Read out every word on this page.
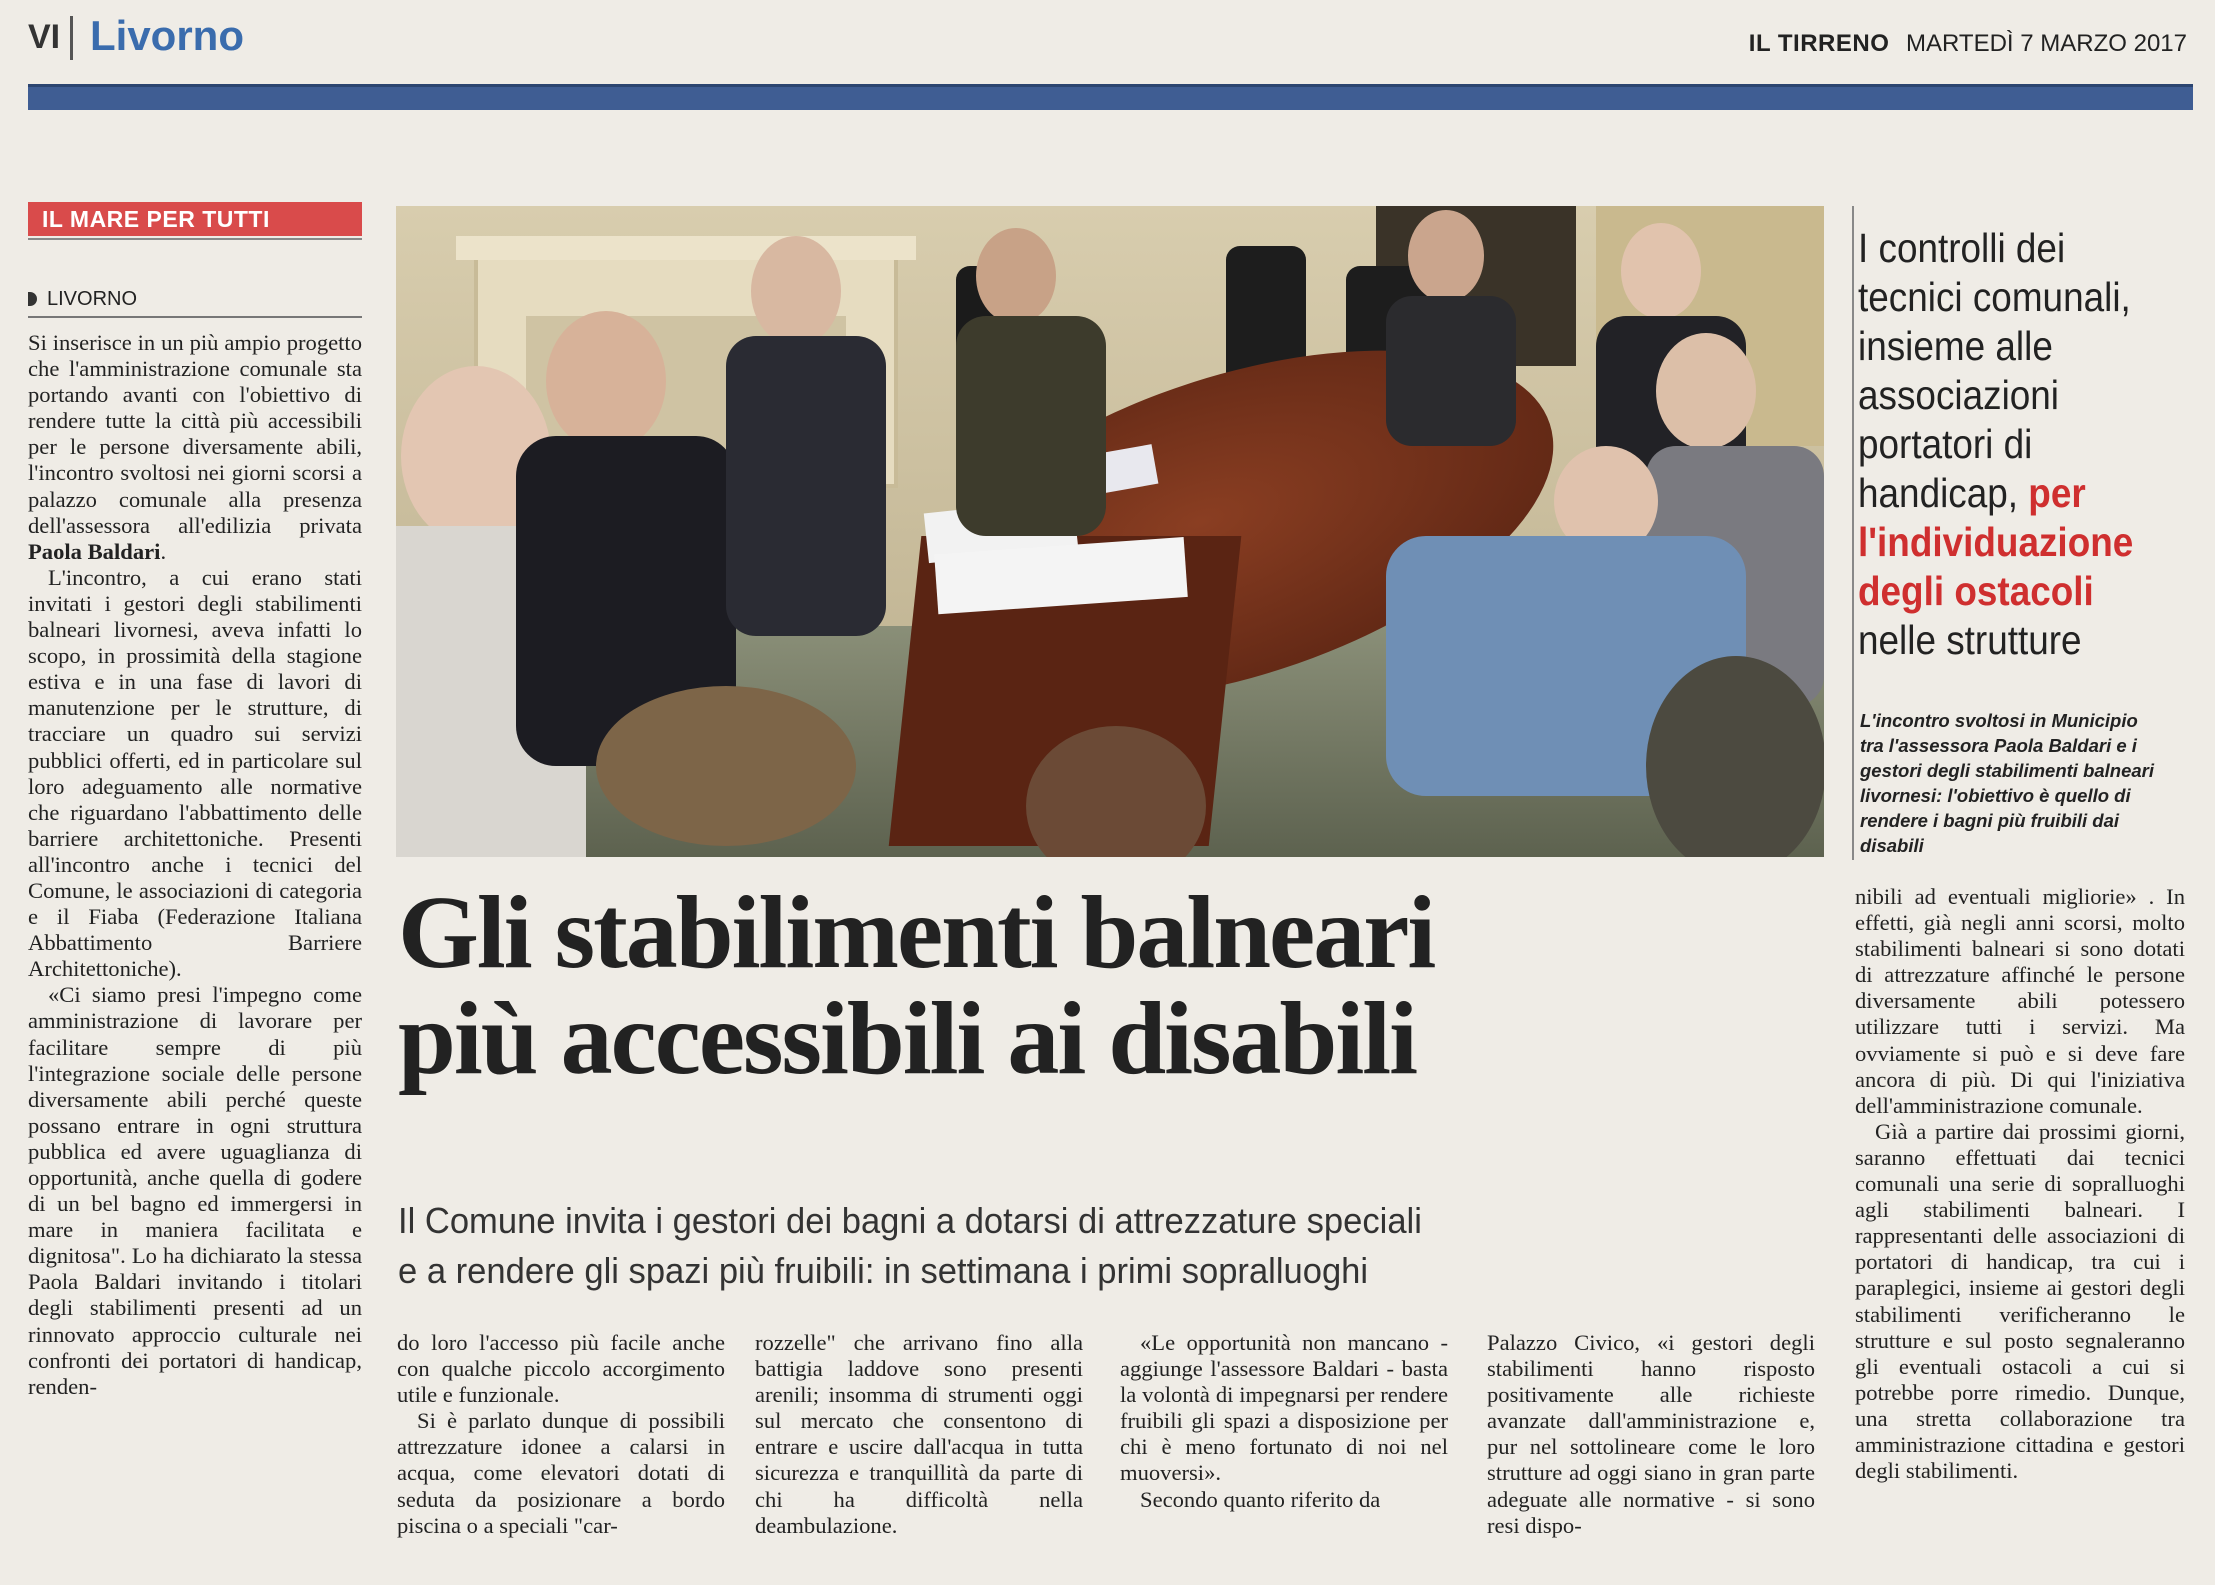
VI Livorno	IL TIRRENO MARTEDÌ 7 MARZO 2017
IL MARE PER TUTTI
LIVORNO

Si inserisce in un più ampio progetto che l'amministrazione comunale sta portando avanti con l'obiettivo di rendere tutte la città più accessibili per le persone diversamente abili, l'incontro svoltosi nei giorni scorsi a palazzo comunale alla presenza dell'assessora all'edilizia privata Paola Baldari.

L'incontro, a cui erano stati invitati i gestori degli stabilimenti balneari livornesi, aveva infatti lo scopo, in prossimità della stagione estiva e in una fase di lavori di manutenzione per le strutture, di tracciare un quadro sui servizi pubblici offerti, ed in particolare sul loro adeguamento alle normative che riguardano l'abbattimento delle barriere architettoniche. Presenti all'incontro anche i tecnici del Comune, le associazioni di categoria e il Fiaba (Federazione Italiana Abbattimento Barriere Architettoniche).

«Ci siamo presi l'impegno come amministrazione di lavorare per facilitare sempre di più l'integrazione sociale delle persone diversamente abili perché queste possano entrare in ogni struttura pubblica ed avere uguaglianza di opportunità, anche quella di godere di un bel bagno ed immergersi in mare in maniera facilitata e dignitosa". Lo ha dichiarato la stessa Paola Baldari invitando i titolari degli stabilimenti presenti ad un rinnovato approccio culturale nei confronti dei portatori di handicap, renden-

I controlli dei tecnici comunali, insieme alle associazioni portatori di handicap, per l'individuazione degli ostacoli nelle strutture
L'incontro svoltosi in Municipio tra l'assessora Paola Baldari e i gestori degli stabilimenti balneari livornesi: l'obiettivo è quello di rendere i bagni più fruibili dai disabili
Gli stabilimenti balneari
più accessibili ai disabili
Il Comune invita i gestori dei bagni a dotarsi di attrezzature speciali
e a rendere gli spazi più fruibili: in settimana i primi sopralluoghi

do loro l'accesso più facile anche con qualche piccolo accorgimento utile e funzionale.

Si è parlato dunque di possibili attrezzature idonee a calarsi in acqua, come elevatori dotati di seduta da posizionare a bordo piscina o a speciali "car-

rozzelle" che arrivano fino alla battigia laddove sono presenti arenili; insomma di strumenti oggi sul mercato che consentono di entrare e uscire dall'acqua in tutta sicurezza e tranquillità da parte di chi ha difficoltà nella deambulazione.

«Le opportunità non mancano - aggiunge l'assessore Baldari - basta la volontà di impegnarsi per rendere fruibili gli spazi a disposizione per chi è meno fortunato di noi nel muoversi».

Secondo quanto riferito da

Palazzo Civico, «i gestori degli stabilimenti hanno risposto positivamente alle richieste avanzate dall'amministrazione e, pur nel sottolineare come le loro strutture ad oggi siano in gran parte adeguate alle normative - si sono resi dispo-

nibili ad eventuali migliorie» . In effetti, già negli anni scorsi, molto stabilimenti balneari si sono dotati di attrezzature affinché le persone diversamente abili potessero utilizzare tutti i servizi. Ma ovviamente si può e si deve fare ancora di più. Di qui l'iniziativa dell'amministrazione comunale.

Già a partire dai prossimi giorni, saranno effettuati dai tecnici comunali una serie di sopralluoghi agli stabilimenti balneari. I rappresentanti delle associazioni di portatori di handicap, tra cui i paraplegici, insieme ai gestori degli stabilimenti verificheranno le strutture e sul posto segnaleranno gli eventuali ostacoli a cui si potrebbe porre rimedio. Dunque, una stretta collaborazione tra amministrazione cittadina e gestori degli stabilimenti.
